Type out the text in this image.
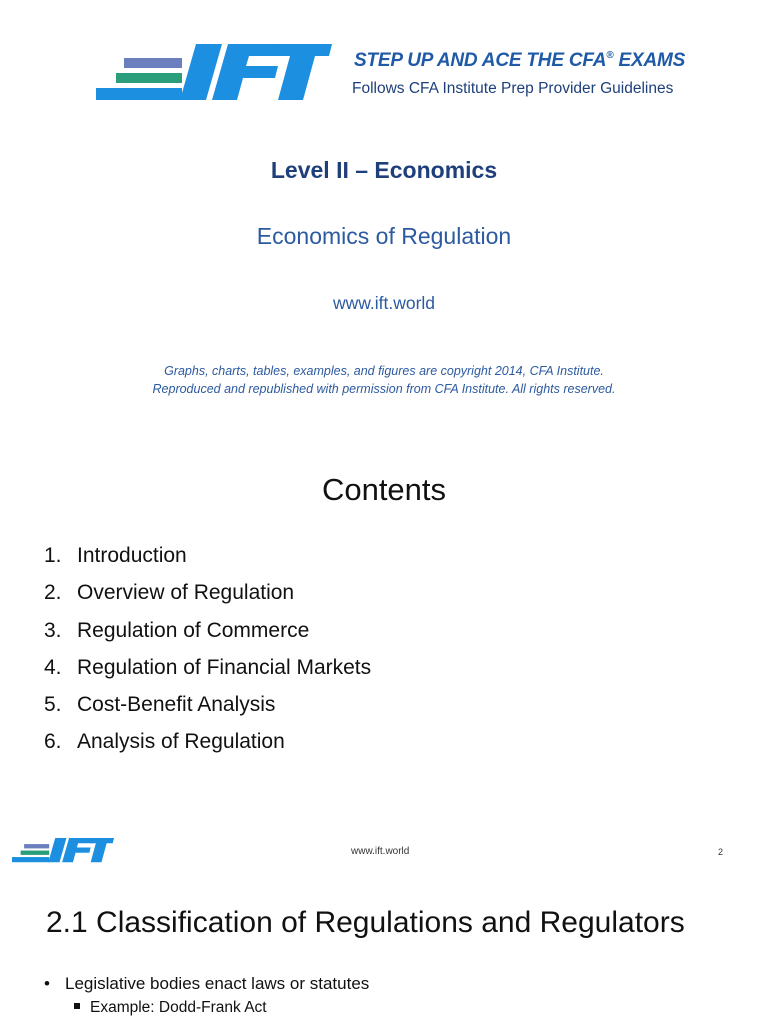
STEP UP AND ACE THE CFA® EXAMS
Follows CFA Institute Prep Provider Guidelines
Level II – Economics
Economics of Regulation
www.ift.world
Graphs, charts, tables, examples, and figures are copyright 2014, CFA Institute.
Reproduced and republished with permission from CFA Institute. All rights reserved.
Contents
1. Introduction
2. Overview of Regulation
3. Regulation of Commerce
4. Regulation of Financial Markets
5. Cost-Benefit Analysis
6. Analysis of Regulation
www.ift.world	2
2.1 Classification of Regulations and Regulators
• Legislative bodies enact laws or statutes
Example: Dodd-Frank Act
